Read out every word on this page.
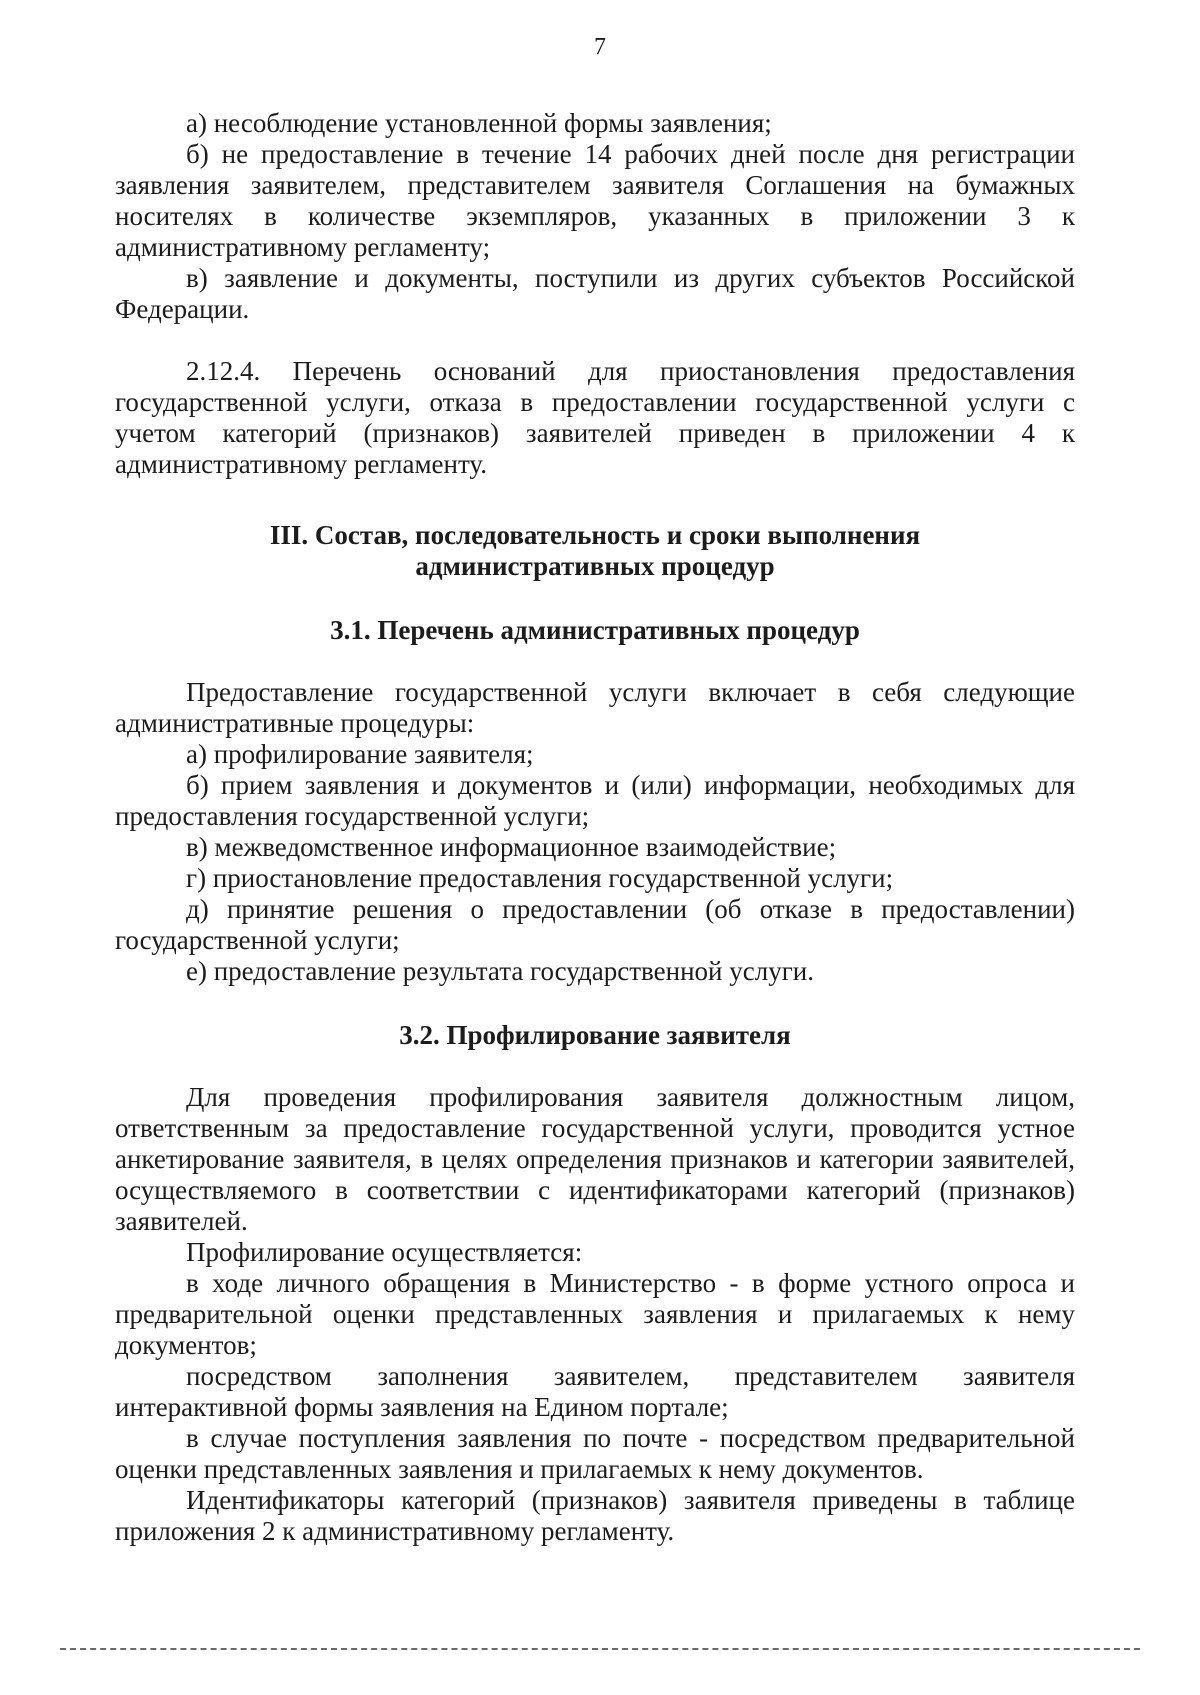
7

а) несоблюдение установленной формы заявления;

б) не предоставление в течение 14 рабочих дней после дня регистрации заявления заявителем, представителем заявителя Соглашения на бумажных носителях в количестве экземпляров, указанных в приложении 3 к административному регламенту;

в) заявление и документы, поступили из других субъектов Российской Федерации.

2.12.4. Перечень оснований для приостановления предоставления государственной услуги, отказа в предоставлении государственной услуги с учетом категорий (признаков) заявителей приведен в приложении 4 к административному регламенту.

III. Состав, последовательность и сроки выполнения
административных процедур
3.1. Перечень административных процедур

Предоставление государственной услуги включает в себя следующие административные процедуры:

а) профилирование заявителя;

б) прием заявления и документов и (или) информации, необходимых для предоставления государственной услуги;

в) межведомственное информационное взаимодействие;

г) приостановление предоставления государственной услуги;

д) принятие решения о предоставлении (об отказе в предоставлении) государственной услуги;

е) предоставление результата государственной услуги.

3.2. Профилирование заявителя

Для проведения профилирования заявителя должностным лицом, ответственным за предоставление государственной услуги, проводится устное анкетирование заявителя, в целях определения признаков и категории заявителей, осуществляемого в соответствии с идентификаторами категорий (признаков) заявителей.

Профилирование осуществляется:

в ходе личного обращения в Министерство - в форме устного опроса и предварительной оценки представленных заявления и прилагаемых к нему документов;

посредством заполнения заявителем, представителем заявителя интерактивной формы заявления на Едином портале;

в случае поступления заявления по почте - посредством предварительной оценки представленных заявления и прилагаемых к нему документов.

Идентификаторы категорий (признаков) заявителя приведены в таблице приложения 2 к административному регламенту.
